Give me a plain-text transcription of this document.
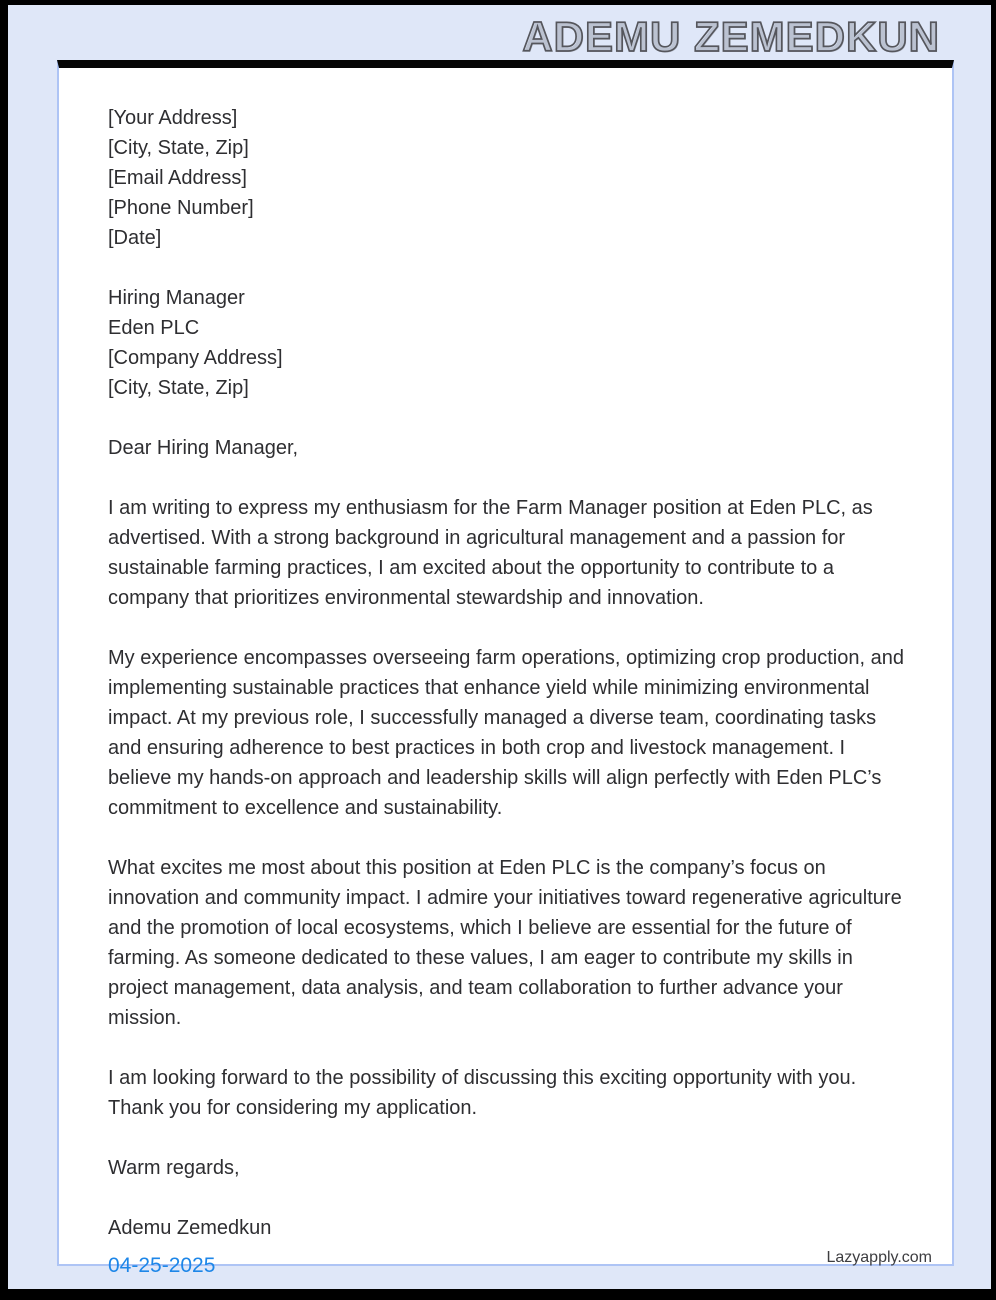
ADEMU ZEMEDKUN
[Your Address]
[City, State, Zip]
[Email Address]
[Phone Number]
[Date]
Hiring Manager
Eden PLC
[Company Address]
[City, State, Zip]

Dear Hiring Manager,

I am writing to express my enthusiasm for the Farm Manager position at Eden PLC, as advertised. With a strong background in agricultural management and a passion for sustainable farming practices, I am excited about the opportunity to contribute to a company that prioritizes environmental stewardship and innovation.

My experience encompasses overseeing farm operations, optimizing crop production, and implementing sustainable practices that enhance yield while minimizing environmental impact. At my previous role, I successfully managed a diverse team, coordinating tasks and ensuring adherence to best practices in both crop and livestock management. I believe my hands-on approach and leadership skills will align perfectly with Eden PLC’s commitment to excellence and sustainability.

What excites me most about this position at Eden PLC is the company’s focus on innovation and community impact. I admire your initiatives toward regenerative agriculture and the promotion of local ecosystems, which I believe are essential for the future of farming. As someone dedicated to these values, I am eager to contribute my skills in project management, data analysis, and team collaboration to further advance your mission.

I am looking forward to the possibility of discussing this exciting opportunity with you. Thank you for considering my application.

Warm regards,

Ademu Zemedkun

04-25-2025	Lazyapply.com
